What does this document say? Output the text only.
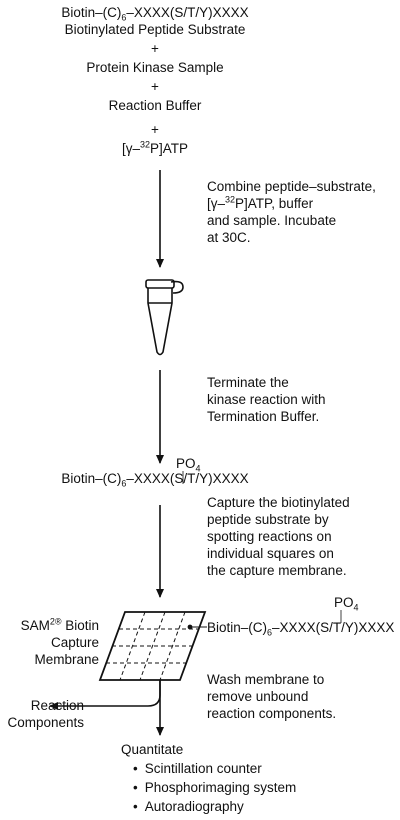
Biotin–$(C)_6-XXXX(S/T/Y)XXXX$
Biotinylated Peptide Substrate
+
Protein Kinase Sample
+
Reaction Buffer
+
[γ–$^{32}$P]ATP
Combine peptide–substrate,
[γ–$^{32}$P]ATP, buffer
and sample. Incubate
at 30C.
Terminate the
kinase reaction with
Termination Buffer.
$PO_4$
Biotin–$(C)_6-XXXX(S/T/Y)XXXX$
Capture the biotinylated
peptide substrate by
spotting reactions on
individual squares on
the capture membrane.
$SAM^{2®}$ Biotin
Capture
Membrane
$PO_4$
Biotin–$(C)_6-XXXX(S/T/Y)XXXX$
Wash membrane to
remove unbound
reaction components.
Reaction
Components
Quantitate
• Scintillation counter
• Phosphorimaging system
• Autoradiography
